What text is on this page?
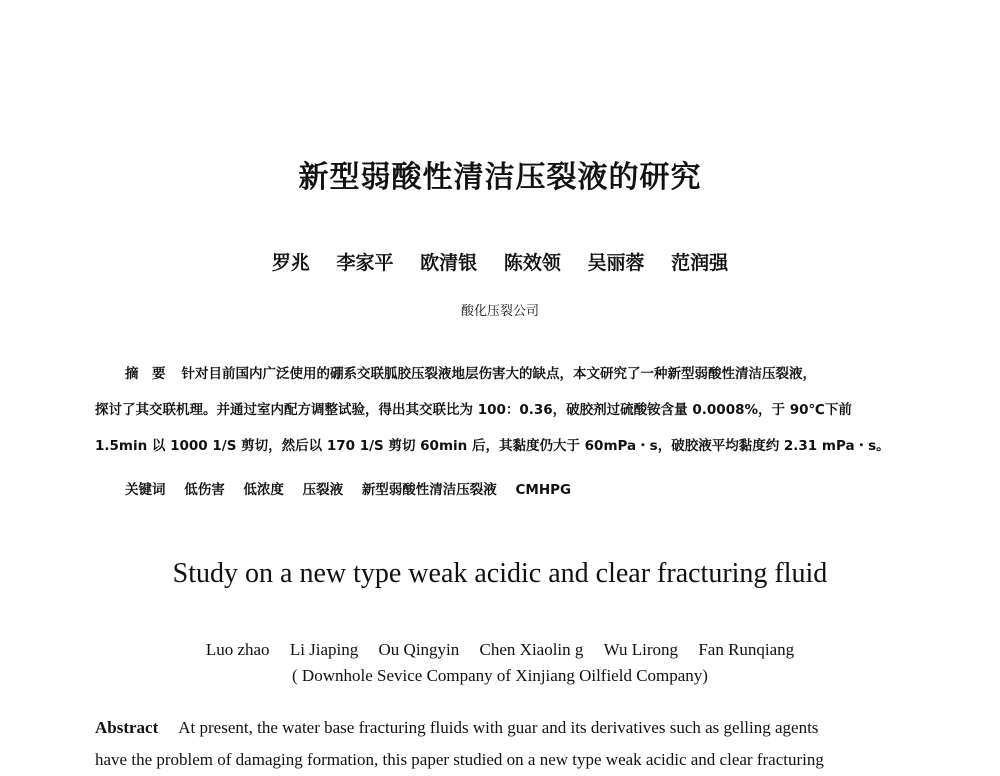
新型弱酸性清洁压裂液的研究
罗兆 李家平 欧清银 陈效领 吴丽蓉 范润强
酸化压裂公司
摘　要 针对目前国内广泛使用的硼系交联胍胶压裂液地层伤害大的缺点，本文研究了一种新型弱酸性清洁压裂液，
探讨了其交联机理。并通过室内配方调整试验，得出其交联比为 100：0.36，破胶剂过硫酸铵含量 0.0008%，于 90℃下前
1.5min 以 1000 1/S 剪切，然后以 170 1/S 剪切 60min 后，其黏度仍大于 60mPa・s，破胶液平均黏度约 2.31 mPa・s。
关键词 低伤害 低浓度 压裂液 新型弱酸性清洁压裂液 CMHPG
Study on a new type weak acidic and clear fracturing fluid
Luo zhao Li Jiaping Ou Qingyin Chen Xiaolin g Wu Lirong Fan Runqiang
( Downhole Sevice Company of Xinjiang Oilfield Company)
Abstract At present, the water base fracturing fluids with guar and its derivatives such as gelling agents
have the problem of damaging formation, this paper studied on a new type weak acidic and clear fracturing
